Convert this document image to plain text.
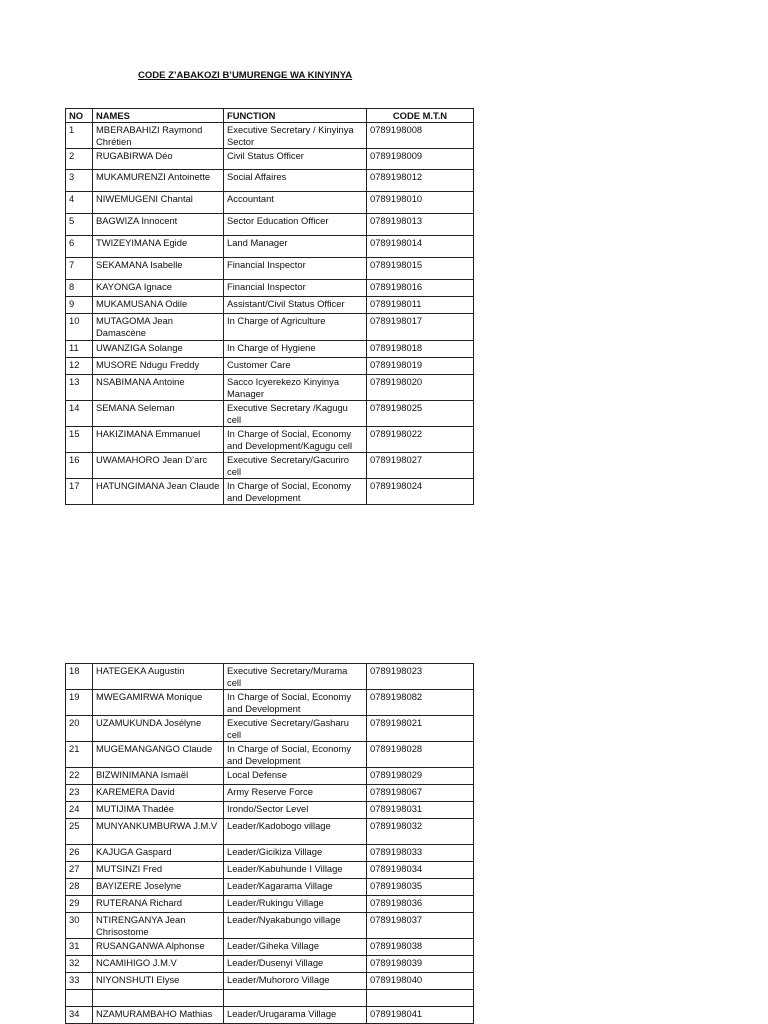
CODE Z’ABAKOZI B’UMURENGE WA KINYINYA
NO	NAMES	FUNCTION	CODE M.T.N
1	MBERABAHIZI Raymond Chrétien	Executive Secretary / Kinyinya Sector	0789198008
2	RUGABIRWA Déo	Civil Status Officer	0789198009
3	MUKAMURENZI Antoinette	Social Affaires	0789198012
4	NIWEMUGENI Chantal	Accountant	0789198010
5	BAGWIZA Innocent	Sector Education Officer	0789198013
6	TWIZEYIMANA Egide	Land Manager	0789198014
7	SEKAMANA Isabelle	Financial Inspector	0789198015
8	KAYONGA Ignace	Financial Inspector	0789198016
9	MUKAMUSANA Odile	Assistant/Civil Status Officer	0789198011
10	MUTAGOMA Jean Damascène	In Charge of Agriculture	0789198017
11	UWANZIGA Solange	In Charge of Hygiene	0789198018
12	MUSORE Ndugu Freddy	Customer Care	0789198019
13	NSABIMANA Antoine	Sacco Icyerekezo Kinyinya Manager	0789198020
14	SEMANA Seleman	Executive Secretary /Kagugu cell	0789198025
15	HAKIZIMANA Emmanuel	In Charge of Social, Economy and Development/Kagugu cell	0789198022
16	UWAMAHORO Jean D’arc	Executive Secretary/Gacuriro cell	0789198027
17	HATUNGIMANA Jean Claude	In Charge of Social, Economy and Development	0789198024
18	HATEGEKA Augustin	Executive Secretary/Murama cell	0789198023
19	MWEGAMIRWA Monique	In Charge of Social, Economy and Development	0789198082
20	UZAMUKUNDA Josélyne	Executive Secretary/Gasharu cell	0789198021
21	MUGEMANGANGO Claude	In Charge of Social, Economy and Development	0789198028
22	BIZWINIMANA Ismaël	Local Defense	0789198029
23	KAREMERA David	Army Reserve Force	0789198067
24	MUTIJIMA Thadée	Irondo/Sector Level	0789198031
25	MUNYANKUMBURWA J.M.V	Leader/Kadobogo village	0789198032
26	KAJUGA Gaspard	Leader/Gicikiza Village	0789198033
27	MUTSINZI Fred	Leader/Kabuhunde I Village	0789198034
28	BAYIZERE Joselyne	Leader/Kagarama Village	0789198035
29	RUTERANA Richard	Leader/Rukingu Village	0789198036
30	NTIRENGANYA Jean Chrisostome	Leader/Nyakabungo village	0789198037
31	RUSANGANWA Alphonse	Leader/Giheka Village	0789198038
32	NCAMIHIGO J.M.V	Leader/Dusenyi Village	0789198039
33	NIYONSHUTI Elyse	Leader/Muhororo Village	0789198040

34	NZAMURAMBAHO Mathias	Leader/Urugarama Village	0789198041
